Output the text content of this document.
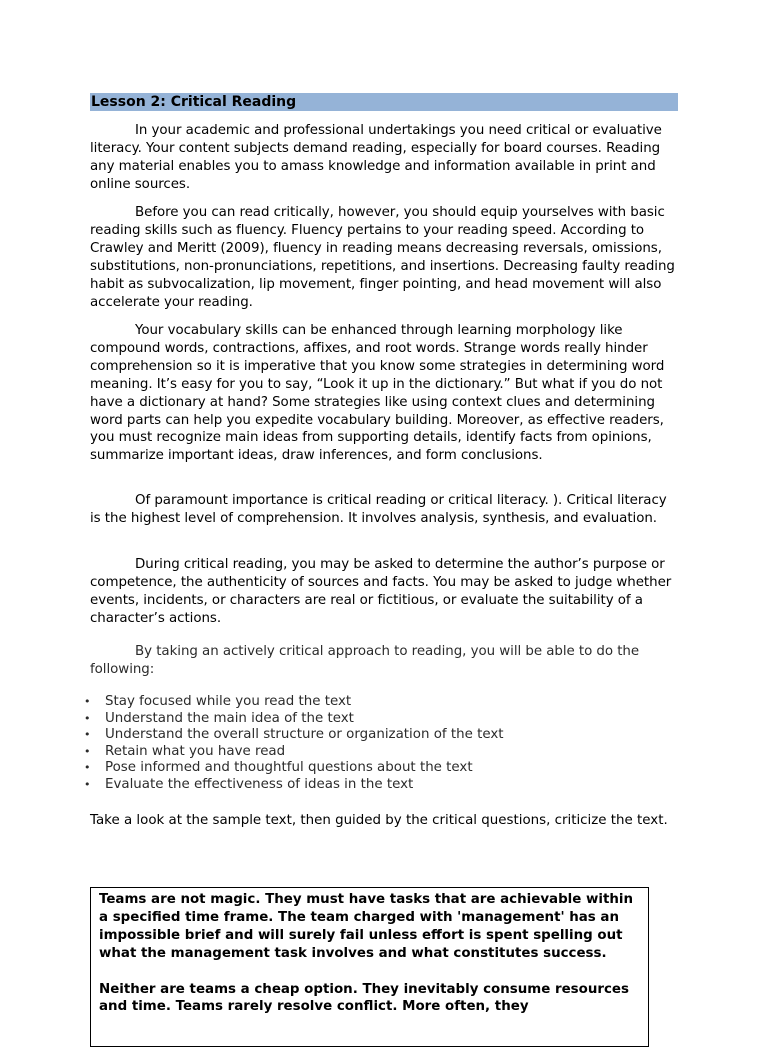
Lesson 2: Critical Reading

In your academic and professional undertakings you need critical or evaluative literacy. Your content subjects demand reading, especially for board courses. Reading any material enables you to amass knowledge and information available in print and online sources.

Before you can read critically, however, you should equip yourselves with basic reading skills such as fluency. Fluency pertains to your reading speed. According to Crawley and Meritt (2009), fluency in reading means decreasing reversals, omissions, substitutions, non-pronunciations, repetitions, and insertions. Decreasing faulty reading habit as subvocalization, lip movement, finger pointing, and head movement will also accelerate your reading.

Your vocabulary skills can be enhanced through learning morphology like compound words, contractions, affixes, and root words. Strange words really hinder comprehension so it is imperative that you know some strategies in determining word meaning. It’s easy for you to say, “Look it up in the dictionary.” But what if you do not have a dictionary at hand? Some strategies like using context clues and determining word parts can help you expedite vocabulary building. Moreover, as effective readers, you must recognize main ideas from supporting details, identify facts from opinions, summarize important ideas, draw inferences, and form conclusions.

Of paramount importance is critical reading or critical literacy. ). Critical literacy is the highest level of comprehension. It involves analysis, synthesis, and evaluation.

During critical reading, you may be asked to determine the author’s purpose or competence, the authenticity of sources and facts. You may be asked to judge whether events, incidents, or characters are real or fictitious, or evaluate the suitability of a character’s actions.

By taking an actively critical approach to reading, you will be able to do the following:

• Stay focused while you read the text
• Understand the main idea of the text
• Understand the overall structure or organization of the text
• Retain what you have read
• Pose informed and thoughtful questions about the text
• Evaluate the effectiveness of ideas in the text

Take a look at the sample text, then guided by the critical questions, criticize the text.

Teams are not magic. They must have tasks that are achievable within a specified time frame. The team charged with 'management' has an impossible brief and will surely fail unless effort is spent spelling out what the management task involves and what constitutes success.

Neither are teams a cheap option. They inevitably consume resources and time. Teams rarely resolve conflict. More often, they
